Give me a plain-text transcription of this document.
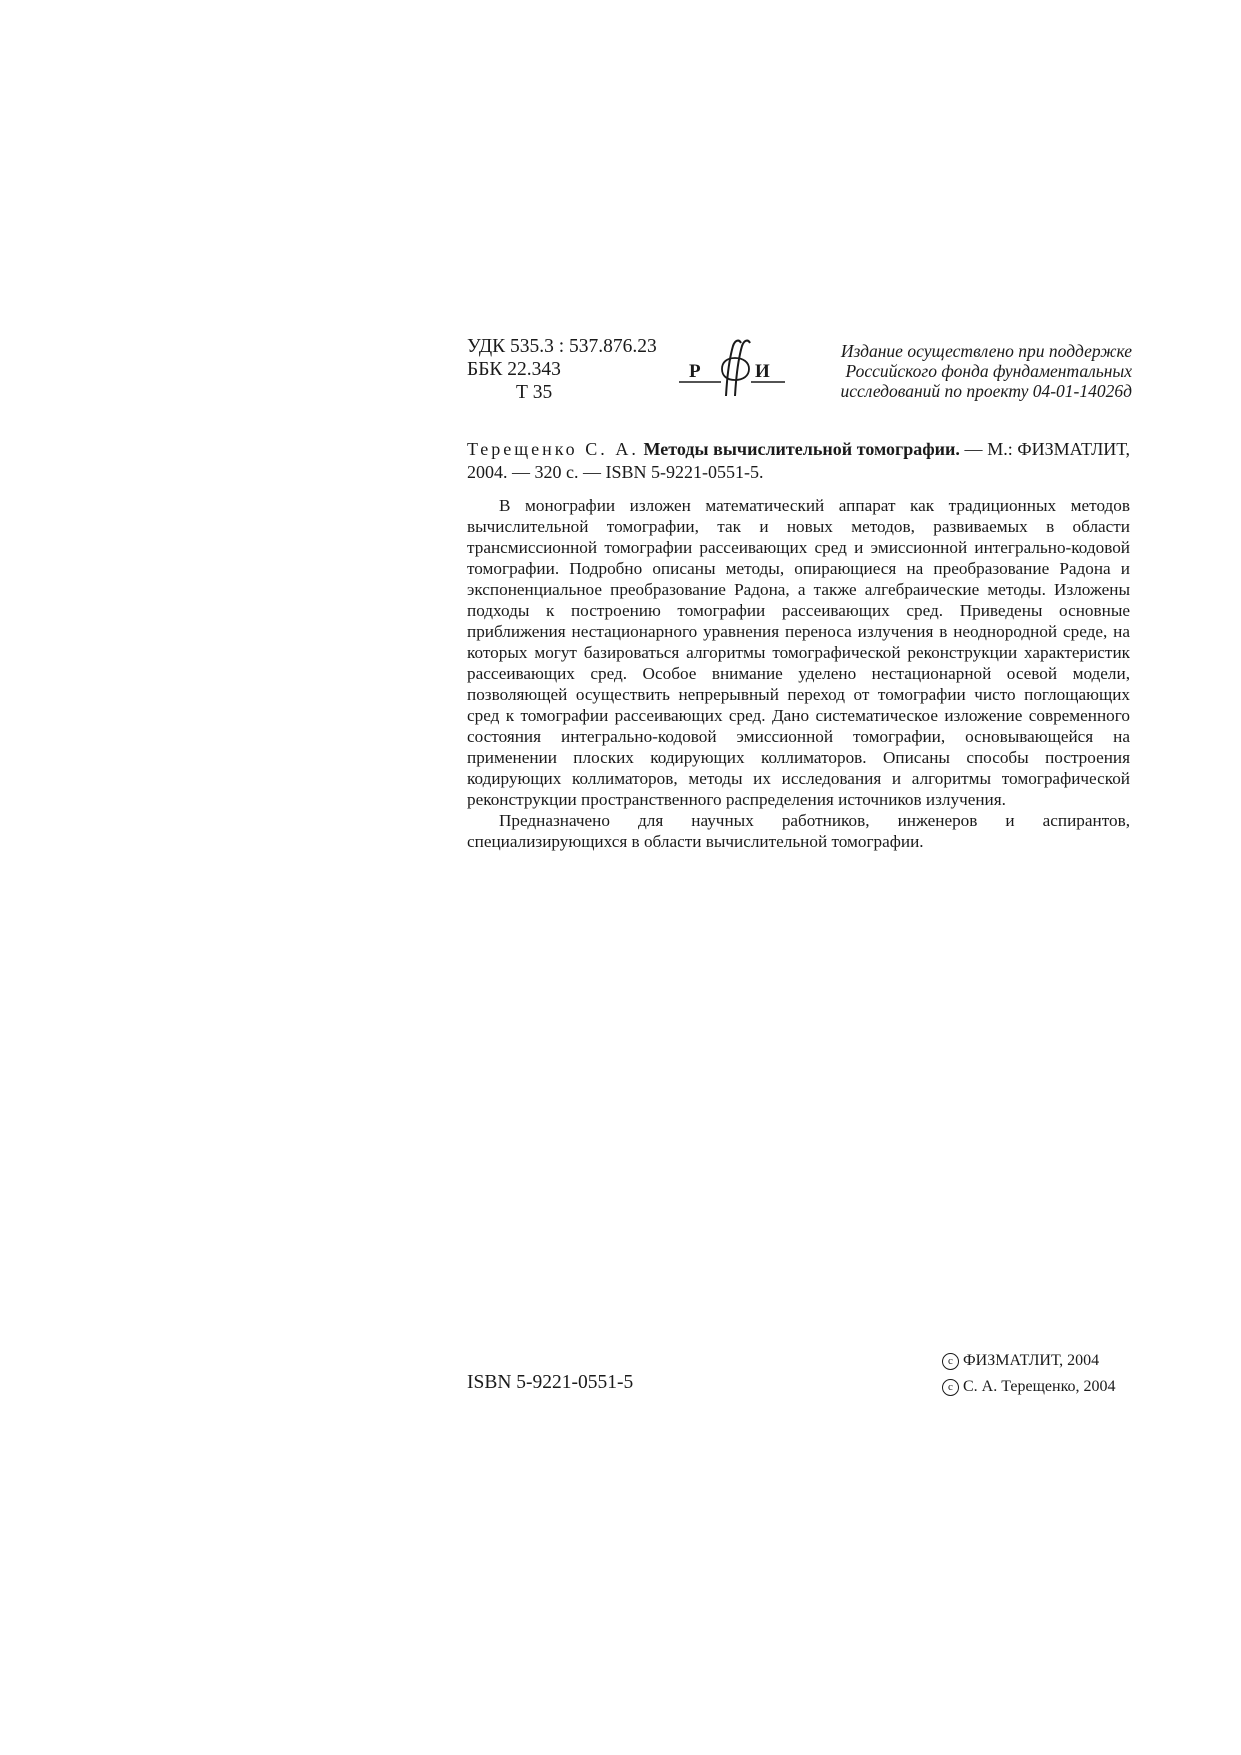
УДК 535.3 : 537.876.23
ББК 22.343
Т 35
Р	И
Издание осуществлено при поддержке
Российского фонда фундаментальных
исследований по проекту 04-01-14026д
Терещенко С. А. Методы вычислительной томографии. — М.: ФИЗМАТЛИТ, 2004. — 320 с. — ISBN 5-9221-0551-5.

В монографии изложен математический аппарат как традиционных методов вычислительной томографии, так и новых методов, развиваемых в области трансмиссионной томографии рассеивающих сред и эмиссионной интегрально-кодовой томографии. Подробно описаны методы, опирающиеся на преобразование Радона и экспоненциальное преобразование Радона, а также алгебраические методы. Изложены подходы к построению томографии рассеивающих сред. Приведены основные приближения нестационарного уравнения переноса излучения в неоднородной среде, на которых могут базироваться алгоритмы томографической реконструкции характеристик рассеивающих сред. Особое внимание уделено нестационарной осевой модели, позволяющей осуществить непрерывный переход от томографии чисто поглощающих сред к томографии рассеивающих сред. Дано систематическое изложение современного состояния интегрально-кодовой эмиссионной томографии, основывающейся на применении плоских кодирующих коллиматоров. Описаны способы построения кодирующих коллиматоров, методы их исследования и алгоритмы томографической реконструкции пространственного распределения источников излучения.

Предназначено для научных работников, инженеров и аспирантов, специализирующихся в области вычислительной томографии.

ISBN 5-9221-0551-5
c ФИЗМАТЛИТ, 2004
c С. А. Терещенко, 2004
